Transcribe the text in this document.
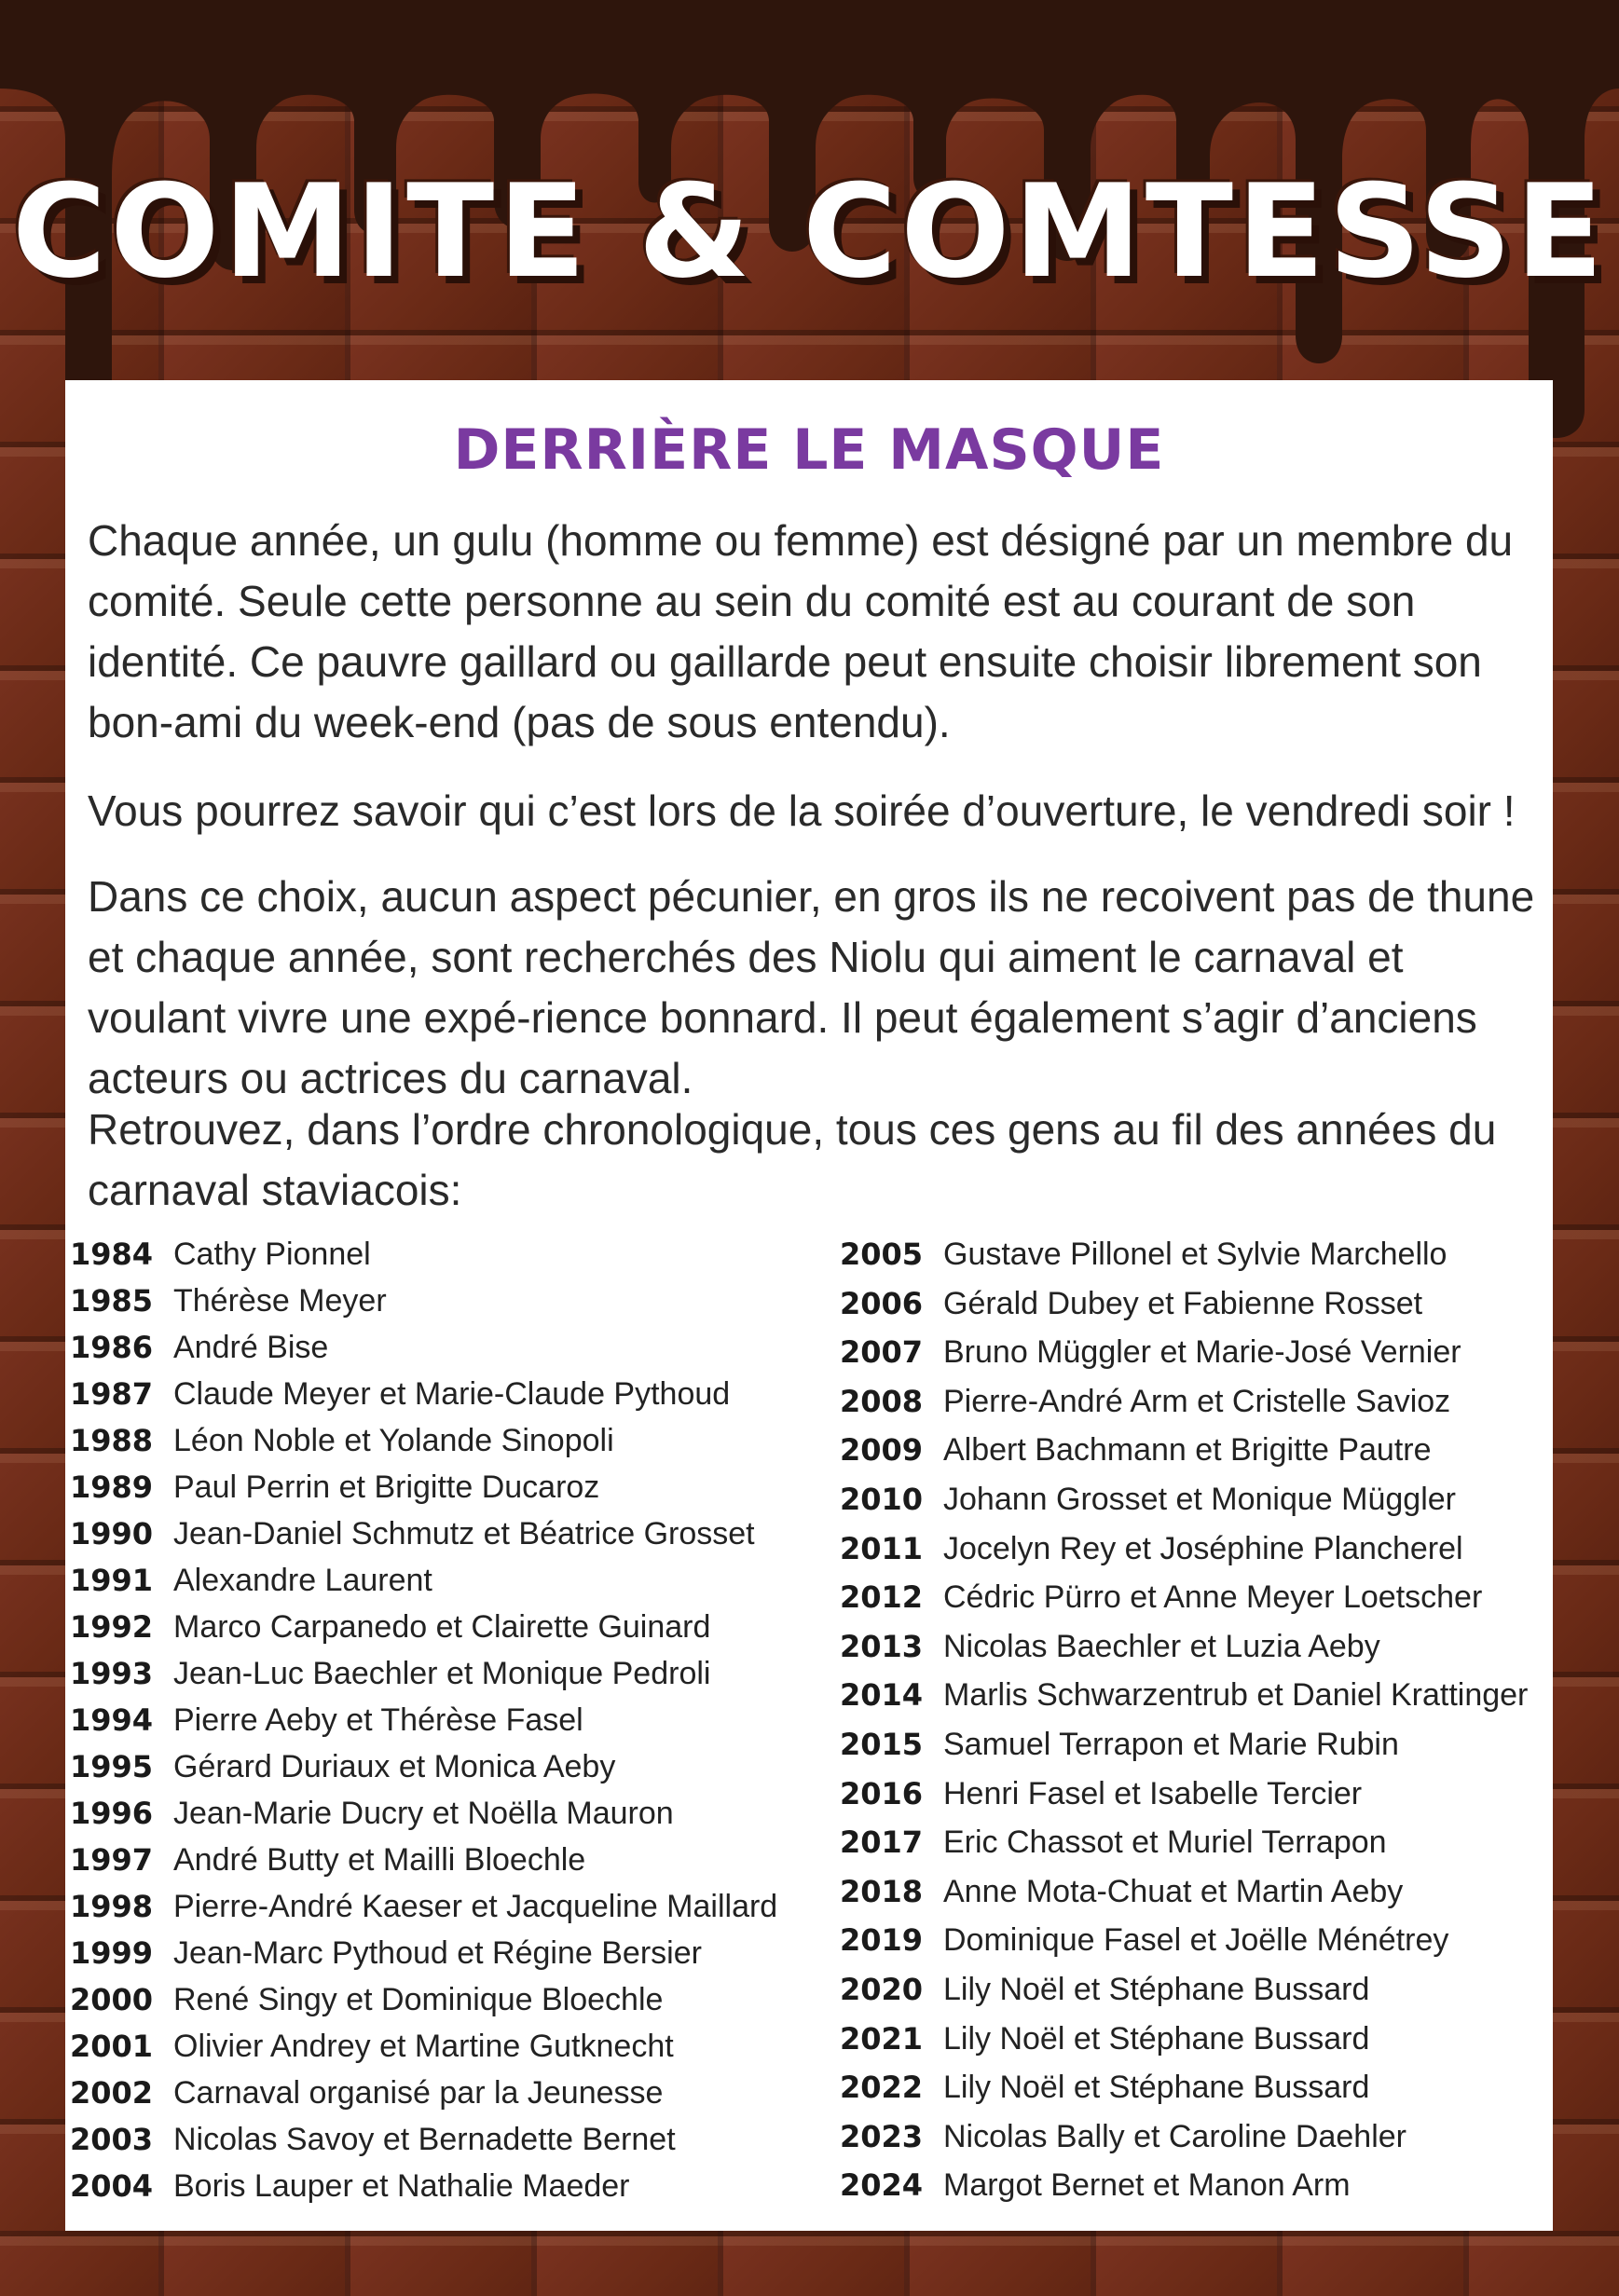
COMITE & COMTESSE
DERRIÈRE LE MASQUE
Chaque année, un gulu (homme ou femme) est désigné par un membre du comité. Seule cette personne au sein du comité est au courant de son identité. Ce pauvre gaillard ou gaillarde peut ensuite choisir librement son bon-ami du week-end (pas de sous entendu).
Vous pourrez savoir qui c’est lors de la soirée d’ouverture, le vendredi soir !
Dans ce choix, aucun aspect pécunier, en gros ils ne recoivent pas de thune et chaque année, sont recherchés des Niolu qui aiment le carnaval et voulant vivre une expé-rience bonnard. Il peut également s’agir d’anciens acteurs ou actrices du carnaval.
Retrouvez, dans l’ordre chronologique, tous ces gens au fil des années du carnaval staviacois:
1984 Cathy Pionnel
1985 Thérèse Meyer
1986 André Bise
1987 Claude Meyer et Marie-Claude Pythoud
1988 Léon Noble et Yolande Sinopoli
1989 Paul Perrin et Brigitte Ducaroz
1990 Jean-Daniel Schmutz et Béatrice Grosset
1991 Alexandre Laurent
1992 Marco Carpanedo et Clairette Guinard
1993 Jean-Luc Baechler et Monique Pedroli
1994 Pierre Aeby et Thérèse Fasel
1995 Gérard Duriaux et Monica Aeby
1996 Jean-Marie Ducry et Noëlla Mauron
1997 André Butty et Mailli Bloechle
1998 Pierre-André Kaeser et Jacqueline Maillard
1999 Jean-Marc Pythoud et Régine Bersier
2000 René Singy et Dominique Bloechle
2001 Olivier Andrey et Martine Gutknecht
2002 Carnaval organisé par la Jeunesse
2003 Nicolas Savoy et Bernadette Bernet
2004 Boris Lauper et Nathalie Maeder
2005 Gustave Pillonel et Sylvie Marchello
2006 Gérald Dubey et Fabienne Rosset
2007 Bruno Müggler et Marie-José Vernier
2008 Pierre-André Arm et Cristelle Savioz
2009 Albert Bachmann et Brigitte Pautre
2010 Johann Grosset et Monique Müggler
2011 Jocelyn Rey et Joséphine Plancherel
2012 Cédric Pürro et Anne Meyer Loetscher
2013 Nicolas Baechler et Luzia Aeby
2014 Marlis Schwarzentrub et Daniel Krattinger
2015 Samuel Terrapon et Marie Rubin
2016 Henri Fasel et Isabelle Tercier
2017 Eric Chassot et Muriel Terrapon
2018 Anne Mota-Chuat et Martin Aeby
2019 Dominique Fasel et Joëlle Ménétrey
2020 Lily Noël et Stéphane Bussard
2021 Lily Noël et Stéphane Bussard
2022 Lily Noël et Stéphane Bussard
2023 Nicolas Bally et Caroline Daehler
2024 Margot Bernet et Manon Arm
